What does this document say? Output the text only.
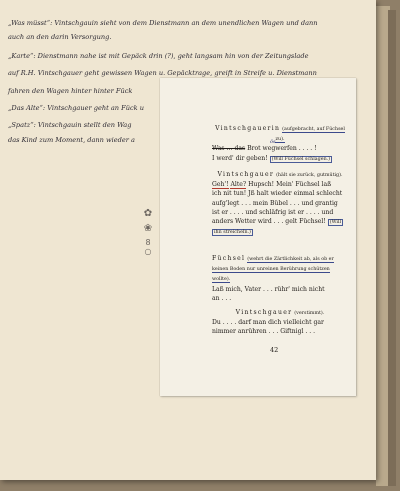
„Was müsst“: Vintschgauin sieht von dem Dienstmann an dem unendlichen Wagen und dann
auch an den darin Versorgung.
„Karte“: Dienstmann nahe ist mit Gepäck drin (?), geht langsam hin von der Zeitungslade
auf R.H. Vintschgauer geht gewissen Wagen u. Gepäcktrage, greift in Streife u. Dienstmann
fahren den Wagen hinter hinter Fück
„Das Alte“: Vintschgauer geht an Fück u
„Spatz“: Vintschgauin stellt den Wag
das Kind zum Moment, dann wieder a
✿
❀
8
○
Vintschgauerin (aufgebracht, auf Füchsel zu).
ös
Was … das Brot wegwerfen . . . . !
I werd' dir geben! (Will Füchsel schlagen.)
Vintschgauer (hält sie zurück, gutmütig).
Geh'! Alte? Hupsch! Mein' Füchsel laß
ich nit tun! Jß halt wieder einmal schlecht
aufg'legt . . . mein Bübel . . . und grantig
ist er . . . . und schläfrig ist er . . . . und
anders Wetter wird . . . gelt Füchsel! (Will
ihn streicheln.)
Füchsel (wehrt die Zärtlichkeit ab, als ob er
keinen Boden nur unreinen Berührung schützen wollte).
Laß mich, Vater . . . rühr' mich nicht
an . . .
Vintschgauer (verstimmt).
Du . . . . darf man dich vielleicht gar
nimmer anrühren . . . Giftnigl . . .
42
